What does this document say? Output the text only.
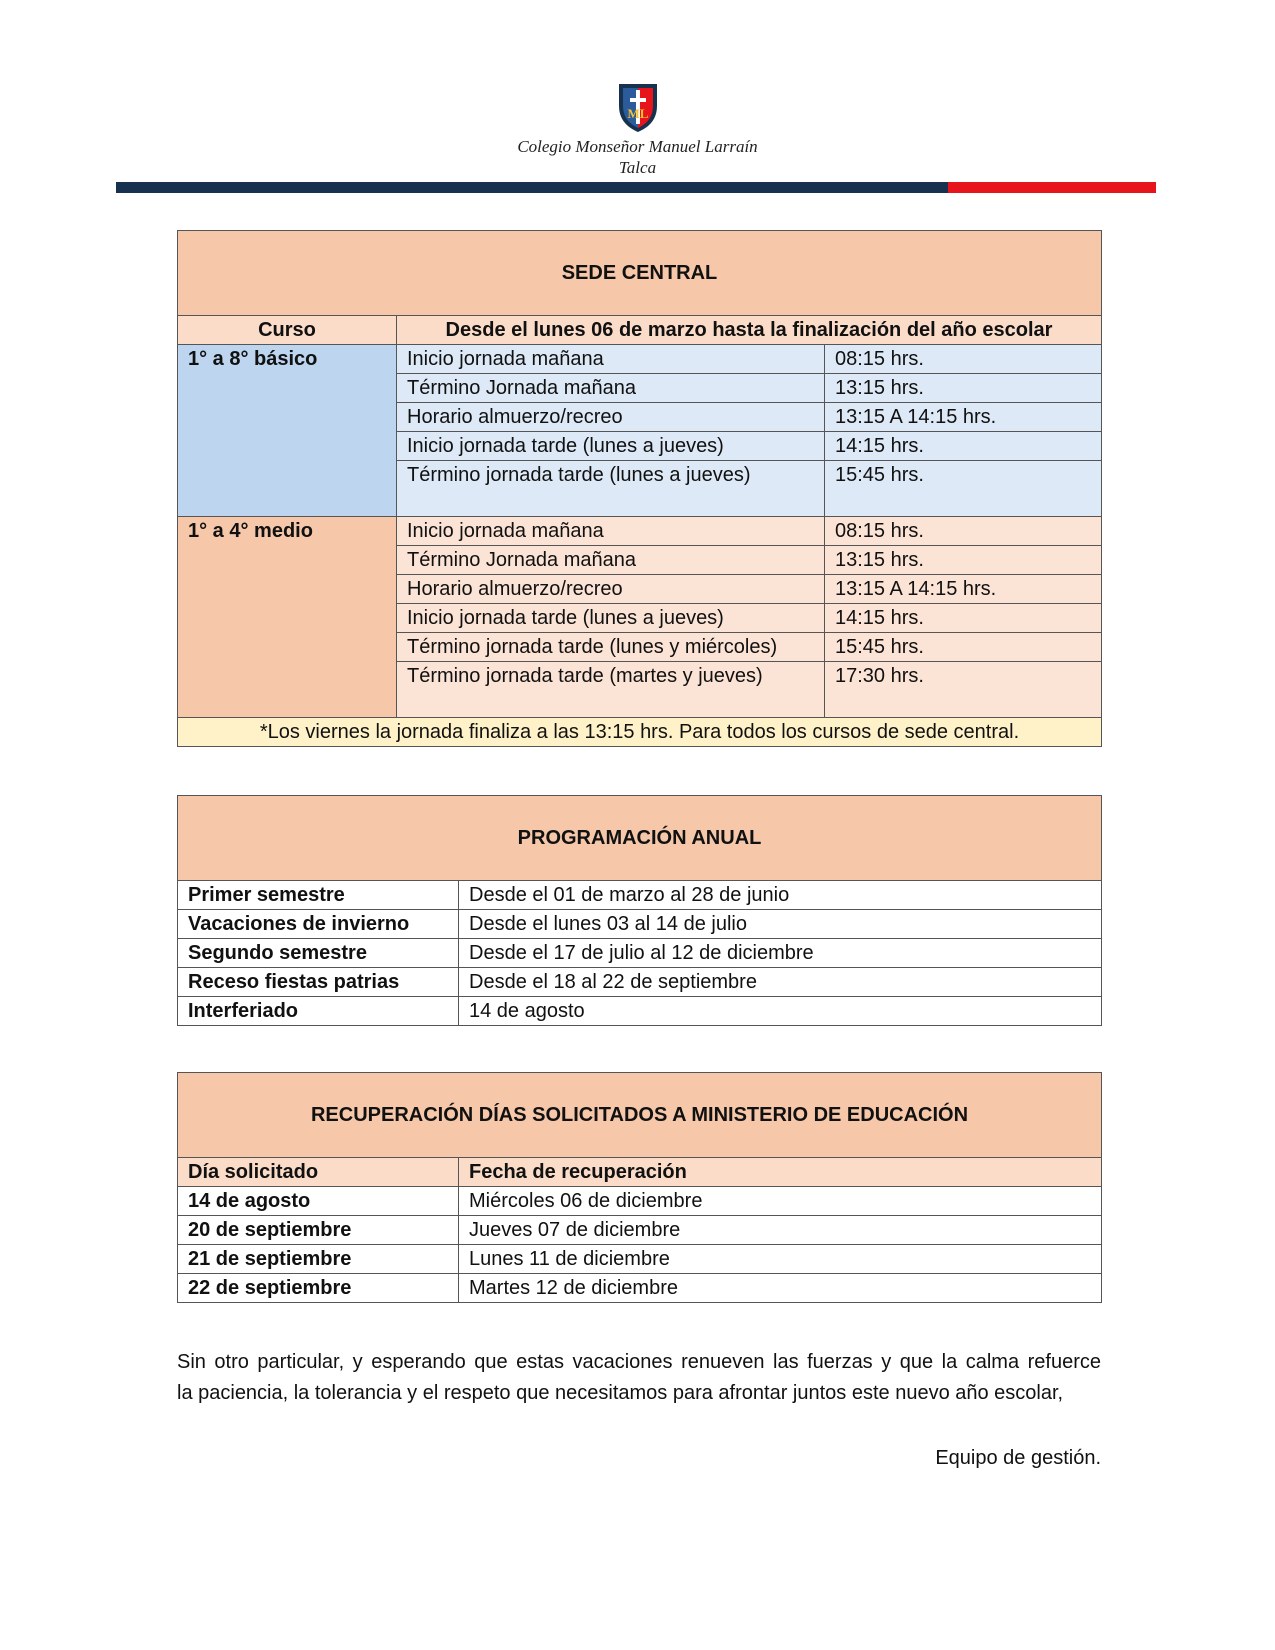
ML
Colegio Monseñor Manuel Larraín
Talca
SEDE CENTRAL		
Curso	Desde el lunes 06 de marzo hasta la finalización del año escolar	
1° a 8° básico	Inicio jornada mañana	08:15 hrs.
	Término Jornada mañana	13:15 hrs.
	Horario almuerzo/recreo	13:15 A 14:15 hrs.
	Inicio jornada tarde (lunes a jueves)	14:15 hrs.
	Término jornada tarde (lunes a jueves)	15:45 hrs.
1° a 4° medio	Inicio jornada mañana	08:15 hrs.
	Término Jornada mañana	13:15 hrs.
	Horario almuerzo/recreo	13:15 A 14:15 hrs.
	Inicio jornada tarde (lunes a jueves)	14:15 hrs.
	Término jornada tarde (lunes y miércoles)	15:45 hrs.
	Término jornada tarde (martes y jueves)	17:30 hrs.
*Los viernes la jornada finaliza a las 13:15 hrs. Para todos los cursos de sede central.		
PROGRAMACIÓN ANUAL	
Primer semestre	Desde el 01 de marzo al 28 de junio
Vacaciones de invierno	Desde el lunes 03 al 14 de julio
Segundo semestre	Desde el 17 de julio al 12 de diciembre
Receso fiestas patrias	Desde el 18 al 22 de septiembre
Interferiado	14 de agosto
RECUPERACIÓN DÍAS SOLICITADOS A MINISTERIO DE EDUCACIÓN	
Día solicitado	Fecha de recuperación
14 de agosto	Miércoles 06 de diciembre
20 de septiembre	Jueves 07 de diciembre
21 de septiembre	Lunes 11 de diciembre
22 de septiembre	Martes 12 de diciembre
Sin otro particular, y esperando que estas vacaciones renueven las fuerzas y que la calma refuerce
la paciencia, la tolerancia y el respeto que necesitamos para afrontar juntos este nuevo año escolar,
Equipo de gestión.
